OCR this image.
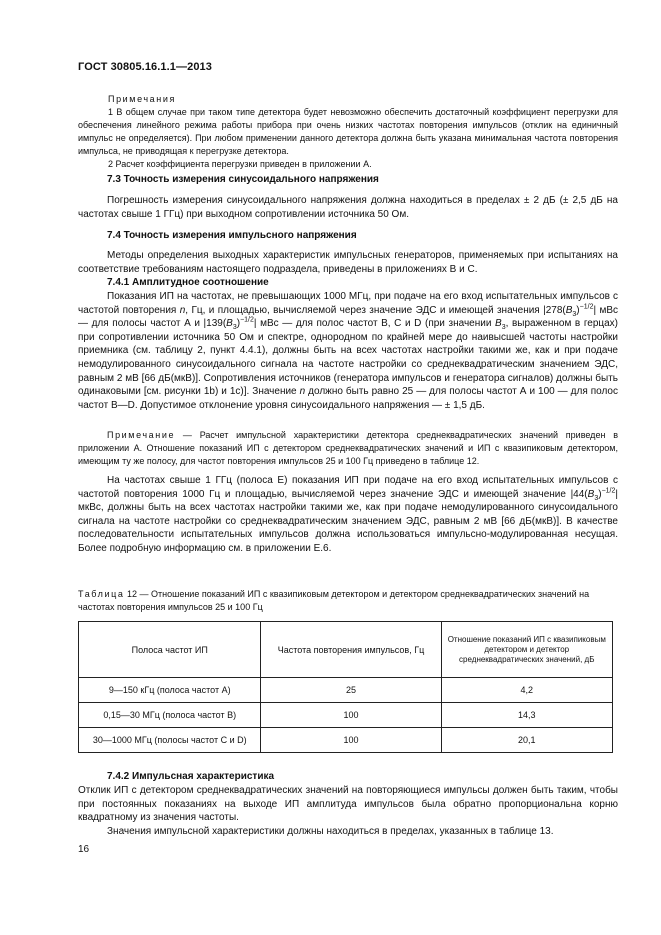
ГОСТ 30805.16.1.1—2013
Примечания

1 В общем случае при таком типе детектора будет невозможно обеспечить достаточный коэффициент перегрузки для обеспечения линейного режима работы прибора при очень низких частотах повторения импульсов (отклик на единичный импульс не определяется). При любом применении данного детектора должна быть указана минимальная частота повторения импульса, не приводящая к перегрузке детектора.

2 Расчет коэффициента перегрузки приведен в приложении А.

7.3 Точность измерения синусоидального напряжения

Погрешность измерения синусоидального напряжения должна находиться в пределах ± 2 дБ (± 2,5 дБ на частотах свыше 1 ГГц) при выходном сопротивлении источника 50 Ом.

7.4 Точность измерения импульсного напряжения

Методы определения выходных характеристик импульсных генераторов, применяемых при испытаниях на соответствие требованиям настоящего подраздела, приведены в приложениях В и С.

7.4.1 Амплитудное соотношение

Показания ИП на частотах, не превышающих 1000 МГц, при подаче на его вход испытательных импульсов с частотой повторения n, Гц, и площадью, вычисляемой через значение ЭДС и имеющей значения $|278(B_3)^{-1/2}|$ мВс — для полосы частот А и $|139(B_3)^{-1/2}|$ мВс — для полос частот В, С и D (при значении $B_3$, выраженном в герцах) при сопротивлении источника 50 Ом и спектре, однородном по крайней мере до наивысшей частоты настройки приемника (см. таблицу 2, пункт 4.4.1), должны быть на всех частотах настройки такими же, как и при подаче немодулированного синусоидального сигнала на частоте настройки со среднеквадратическим значением ЭДС, равным 2 мВ [66 дБ(мкВ)]. Сопротивления источников (генератора импульсов и генератора сигналов) должны быть одинаковыми [см. рисунки 1b) и 1с)]. Значение n должно быть равно 25 — для полосы частот А и 100 — для полос частот В—D. Допустимое отклонение уровня синусоидального напряжения — ± 1,5 дБ.

Примечание — Расчет импульсной характеристики детектора среднеквадратических значений приведен в приложении А. Отношение показаний ИП с детектором среднеквадратических значений и ИП с квазипиковым детектором, имеющим ту же полосу, для частот повторения импульсов 25 и 100 Гц приведено в таблице 12.

На частотах свыше 1 ГГц (полоса Е) показания ИП при подаче на его вход испытательных импульсов с частотой повторения 1000 Гц и площадью, вычисляемой через значение ЭДС и имеющей значение $|44(B_3)^{-1/2}|$ мкВс, должны быть на всех частотах настройки такими же, как при подаче немодулированного синусоидального сигнала на частоте настройки со среднеквадратическим значением ЭДС, равным 2 мВ [66 дБ(мкВ)]. В качестве последовательности испытательных импульсов должна использоваться импульсно-модулированная несущая. Более подробную информацию см. в приложении Е.6.

Таблица 12 — Отношение показаний ИП с квазипиковым детектором и детектором среднеквадратических значений на частотах повторения импульсов 25 и 100 Гц
Полоса частот ИП	Частота повторения импульсов, Гц	Отношение показаний ИП с квазипиковым детектором и детектор среднеквадратических значений, дБ
9—150 кГц (полоса частот А)	25	4,2
0,15—30 МГц (полоса частот В)	100	14,3
30—1000 МГц (полосы частот С и D)	100	20,1
7.4.2 Импульсная характеристика

Отклик ИП с детектором среднеквадратических значений на повторяющиеся импульсы должен быть таким, чтобы при постоянных показаниях на выходе ИП амплитуда импульсов была обратно пропорциональна корню квадратному из значения частоты.

Значения импульсной характеристики должны находиться в пределах, указанных в таблице 13.

16
